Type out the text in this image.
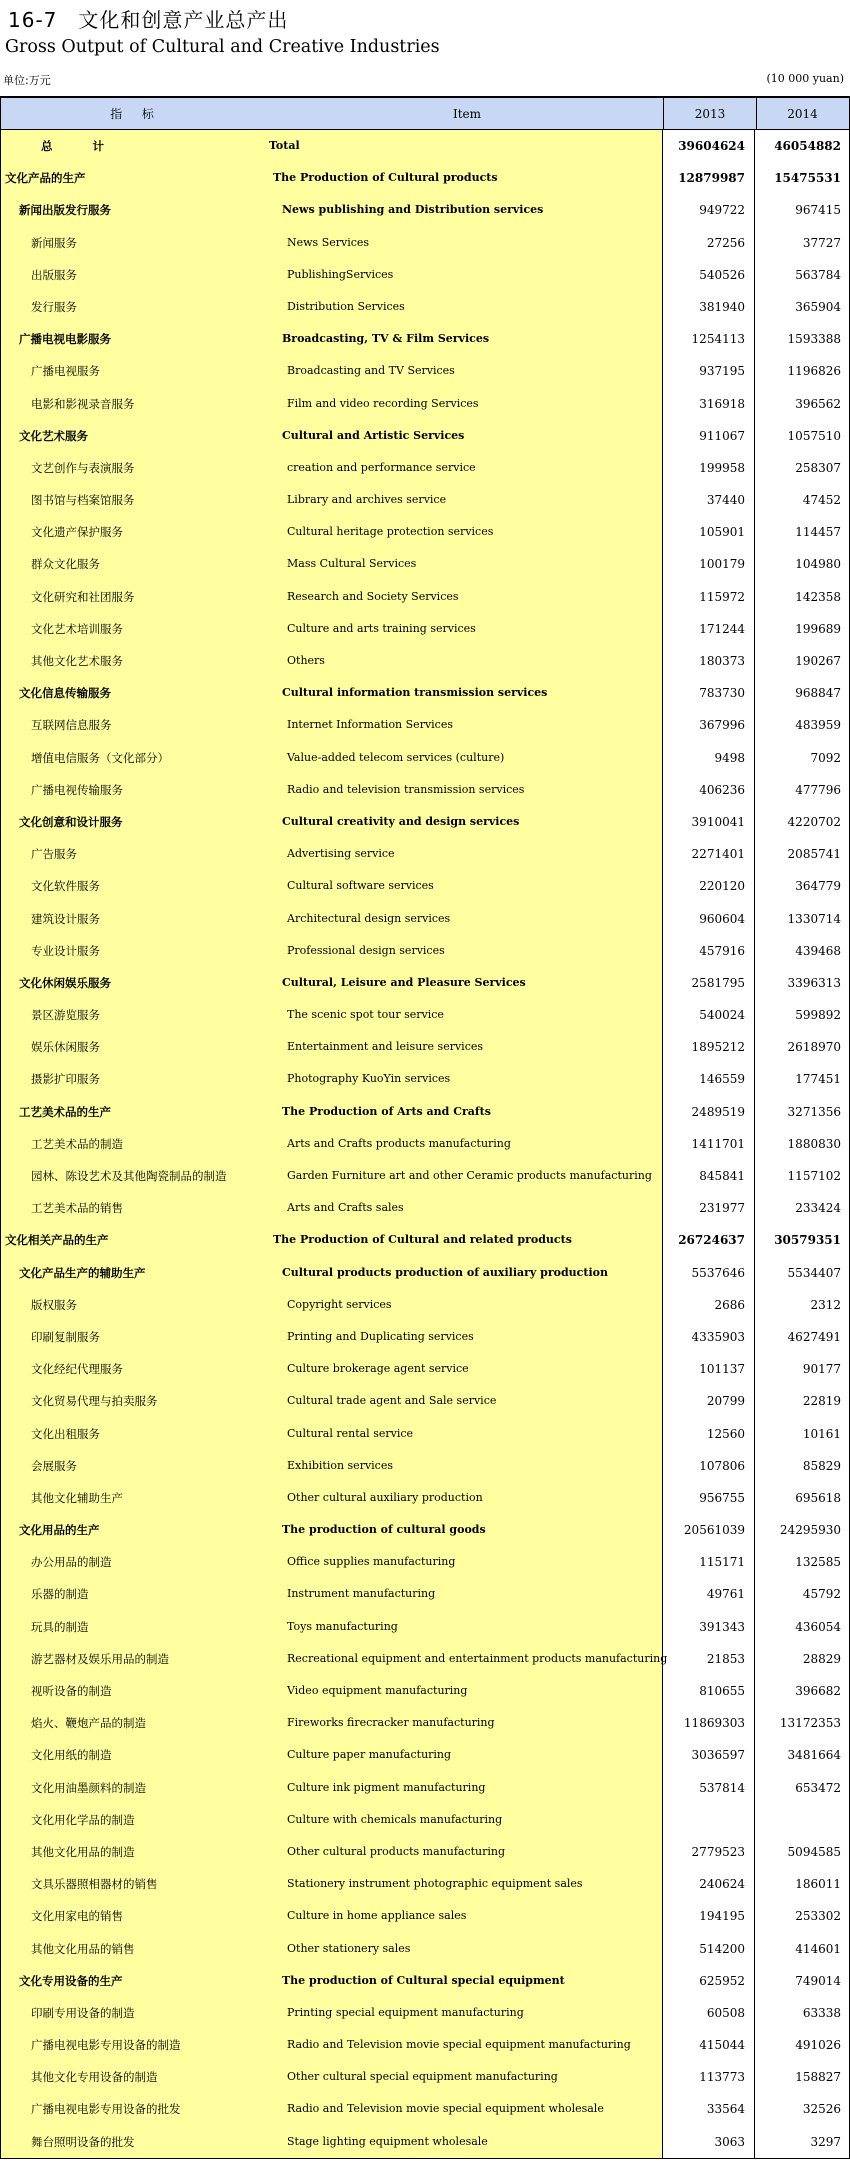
16-7　文化和创意产业总产出
Gross Output of Cultural and Creative Industries
单位:万元	(10 000 yuan)
指 标	Item	2013	2014
总 计	Total	39604624	46054882
文化产品的生产	The Production of Cultural products	12879987	15475531
新闻出版发行服务	News publishing and Distribution services	949722	967415
新闻服务	News Services	27256	37727
出版服务	PublishingServices	540526	563784
发行服务	Distribution Services	381940	365904
广播电视电影服务	Broadcasting, TV & Film Services	1254113	1593388
广播电视服务	Broadcasting and TV Services	937195	1196826
电影和影视录音服务	Film and video recording Services	316918	396562
文化艺术服务	Cultural and Artistic Services	911067	1057510
文艺创作与表演服务	creation and performance service	199958	258307
图书馆与档案馆服务	Library and archives service	37440	47452
文化遗产保护服务	Cultural heritage protection services	105901	114457
群众文化服务	Mass Cultural Services	100179	104980
文化研究和社团服务	Research and Society Services	115972	142358
文化艺术培训服务	Culture and arts training services	171244	199689
其他文化艺术服务	Others	180373	190267
文化信息传输服务	Cultural information transmission services	783730	968847
互联网信息服务	Internet Information Services	367996	483959
增值电信服务（文化部分）	Value-added telecom services (culture)	9498	7092
广播电视传输服务	Radio and television transmission services	406236	477796
文化创意和设计服务	Cultural creativity and design services	3910041	4220702
广告服务	Advertising service	2271401	2085741
文化软件服务	Cultural software services	220120	364779
建筑设计服务	Architectural design services	960604	1330714
专业设计服务	Professional design services	457916	439468
文化休闲娱乐服务	Cultural, Leisure and Pleasure Services	2581795	3396313
景区游览服务	The scenic spot tour service	540024	599892
娱乐休闲服务	Entertainment and leisure services	1895212	2618970
摄影扩印服务	Photography KuoYin services	146559	177451
工艺美术品的生产	The Production of Arts and Crafts	2489519	3271356
工艺美术品的制造	Arts and Crafts products manufacturing	1411701	1880830
园林、陈设艺术及其他陶瓷制品的制造	Garden Furniture art and other Ceramic products manufacturing	845841	1157102
工艺美术品的销售	Arts and Crafts sales	231977	233424
文化相关产品的生产	The Production of Cultural and related products	26724637	30579351
文化产品生产的辅助生产	Cultural products production of auxiliary production	5537646	5534407
版权服务	Copyright services	2686	2312
印刷复制服务	Printing and Duplicating services	4335903	4627491
文化经纪代理服务	Culture brokerage agent service	101137	90177
文化贸易代理与拍卖服务	Cultural trade agent and Sale service	20799	22819
文化出租服务	Cultural rental service	12560	10161
会展服务	Exhibition services	107806	85829
其他文化辅助生产	Other cultural auxiliary production	956755	695618
文化用品的生产	The production of cultural goods	20561039	24295930
办公用品的制造	Office supplies manufacturing	115171	132585
乐器的制造	Instrument manufacturing	49761	45792
玩具的制造	Toys manufacturing	391343	436054
游艺器材及娱乐用品的制造	Recreational equipment and entertainment products manufacturing	21853	28829
视听设备的制造	Video equipment manufacturing	810655	396682
焰火、鞭炮产品的制造	Fireworks firecracker manufacturing	11869303	13172353
文化用纸的制造	Culture paper manufacturing	3036597	3481664
文化用油墨颜料的制造	Culture ink pigment manufacturing	537814	653472
文化用化学品的制造	Culture with chemicals manufacturing
其他文化用品的制造	Other cultural products manufacturing	2779523	5094585
文具乐器照相器材的销售	Stationery instrument photographic equipment sales	240624	186011
文化用家电的销售	Culture in home appliance sales	194195	253302
其他文化用品的销售	Other stationery sales	514200	414601
文化专用设备的生产	The production of Cultural special equipment	625952	749014
印刷专用设备的制造	Printing special equipment manufacturing	60508	63338
广播电视电影专用设备的制造	Radio and Television movie special equipment manufacturing	415044	491026
其他文化专用设备的制造	Other cultural special equipment manufacturing	113773	158827
广播电视电影专用设备的批发	Radio and Television movie special equipment wholesale	33564	32526
舞台照明设备的批发	Stage lighting equipment wholesale	3063	3297
